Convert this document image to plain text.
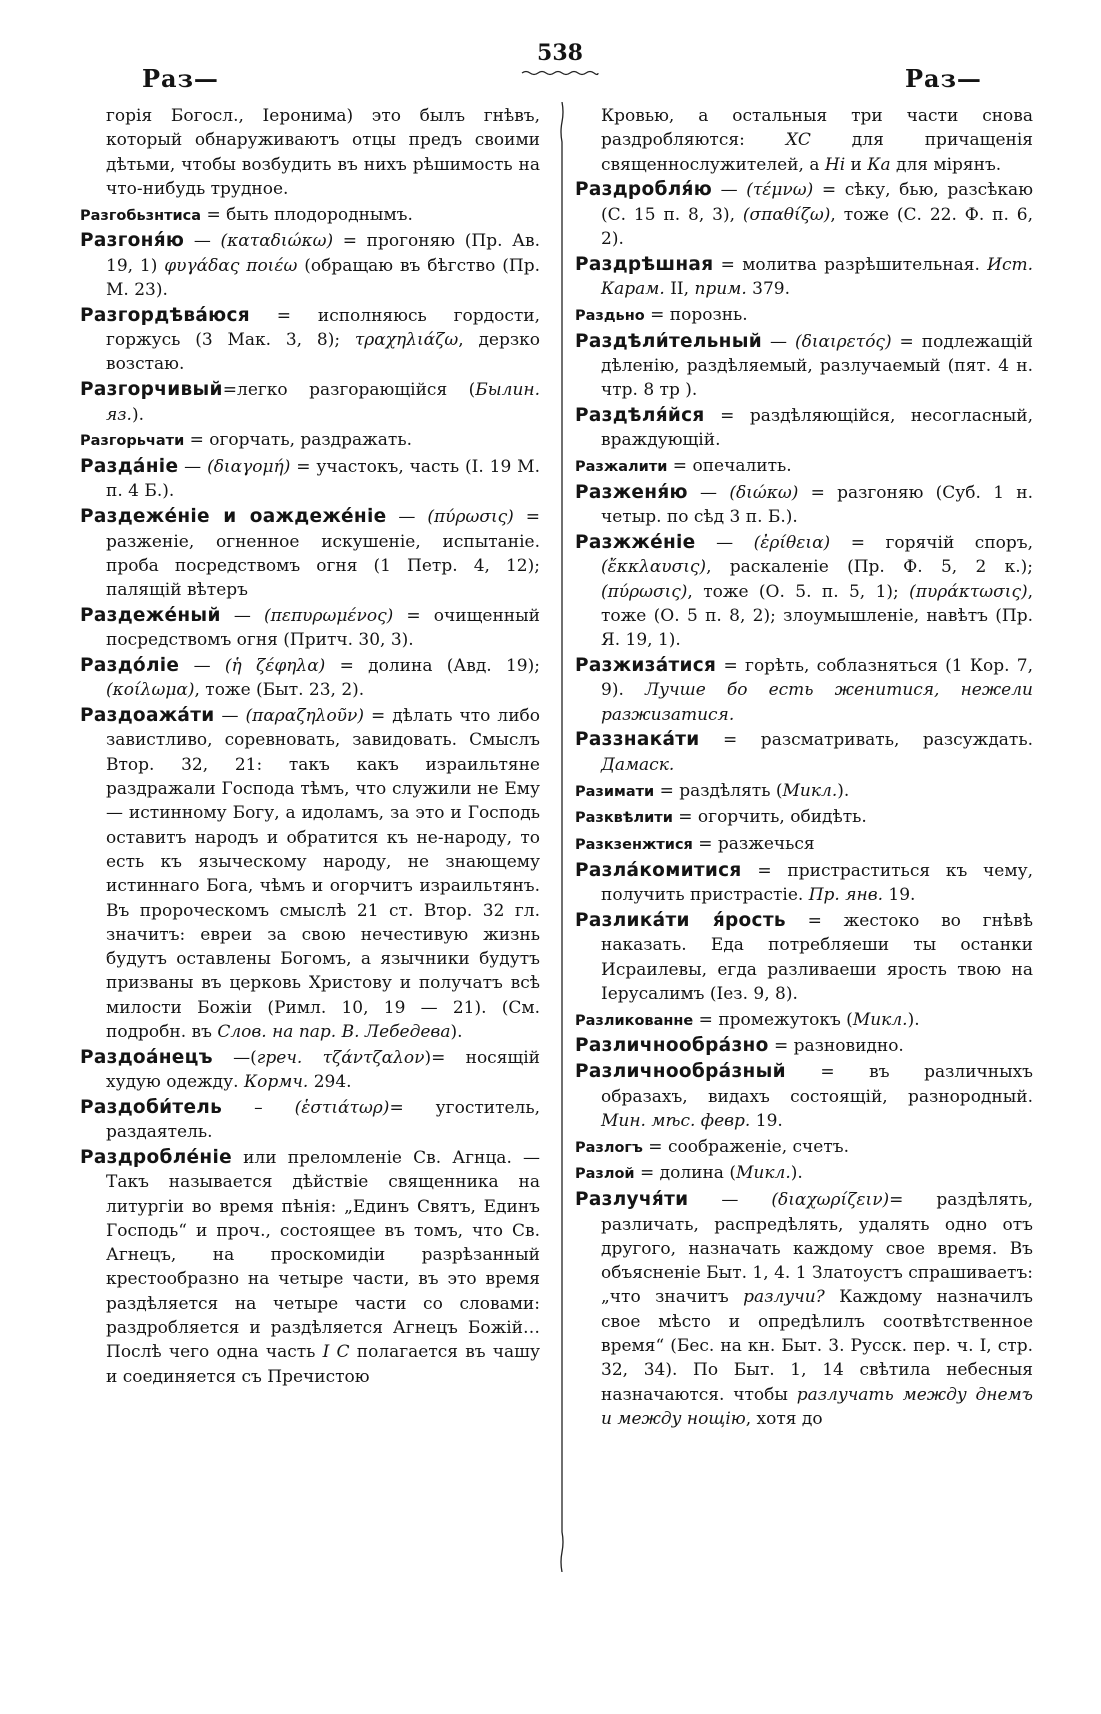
Раз—
538
Раз—

горія Богосл., Іеронима) это былъ гнѣвъ, который обнаруживаютъ отцы предъ своими дѣтьми, чтобы возбудить въ нихъ рѣшимость на что-нибудь трудное.

Разгобьзнтиса = быть плодороднымъ.

Разгоня́ю — (καταδιώκω) = прогоняю (Пр. Ав. 19, 1) φυγάδας ποιέω (обращаю въ бѣгство (Пр. М. 23).

Разгордѣва́юся = исполняюсь гордости, горжусь (3 Мак. 3, 8); τραχηλιάζω, дерзко возстаю.

Разгорчивый=легко разгорающійся (Былин. яз.).

Разгорьчати = огорчать, раздражать.

Разда́ніе — (διαγομή) = участокъ, часть (І. 19 М. п. 4 Б.).

Раздеже́ніе и оаждеже́ніе — (πύρωσις) = разженіе, огненное искушеніе, испытаніе. проба посредствомъ огня (1 Петр. 4, 12); палящій вѣтеръ

Раздеже́ный — (πεπυρωμένος) = очищенный посредствомъ огня (Притч. 30, 3).

Раздо́ліе — (ἡ ζέφηλα) = долина (Авд. 19); (κοίλωμα), тоже (Быт. 23, 2).

Раздоажа́ти — (παραζηλοῦν) = дѣлать что либо завистливо, соревновать, завидовать. Смыслъ Втор. 32, 21: такъ какъ израильтяне раздражали Господа тѣмъ, что служили не Ему — истинному Богу, а идоламъ, за это и Господь оставитъ народъ и обратится къ не-народу, то есть къ языческому народу, не знающему истиннаго Бога, чѣмъ и огорчитъ израильтянъ. Въ пророческомъ смыслѣ 21 ст. Втор. 32 гл. значитъ: евреи за свою нечестивую жизнь будутъ оставлены Богомъ, а язычники будутъ призваны въ церковь Христову и получатъ всѣ милости Божіи (Римл. 10, 19 — 21). (См. подробн. въ Слов. на пар. В. Лебедева).

Раздоа́нецъ —(греч. τζάντζαλον)= носящій худую одежду. Кормч. 294.

Раздоби́тель – (ἑστιάτωρ)= угоститель, раздаятель.

Раздробле́ніе или преломленіе Св. Агнца. — Такъ называется дѣйствіе священника на литургіи во время пѣнія: „Единъ Святъ, Единъ Господь“ и проч., состоящее въ томъ, что Св. Агнецъ, на проскомидіи разрѣзанный крестообразно на четыре части, въ это время раздѣляется на четыре части со словами: раздробляется и раздѣляется Агнецъ Божій… Послѣ чего одна часть І С полагается въ чашу и соединяется съ Пречистою

Кровью, а остальныя три части снова раздробляются: ХС для причащенія священнослужителей, а Ні и Ка для мірянъ.

Раздробля́ю — (τέμνω) = сѣку, бью, разсѣкаю (С. 15 п. 8, 3), (σπαθίζω), тоже (С. 22. Ф. п. 6, 2).

Раздрѣшная = молитва разрѣшительная. Ист. Карам. II, прим. 379.

Раздьно = порознь.

Раздѣли́тельный — (διαιρετός) = подлежащій дѣленію, раздѣляемый, разлучаемый (пят. 4 н. чтр. 8 тр ).

Раздѣля́йся = раздѣляющійся, несогласный, враждующій.

Разжалити = опечалить.

Разженя́ю — (διώκω) = разгоняю (Суб. 1 н. четыр. по сѣд 3 п. Б.).

Разжже́ніе — (ἐρίθεια) = горячій споръ, (ἔκκλαυσις), раскаленіе (Пр. Ф. 5, 2 к.); (πύρωσις), тоже (О. 5. п. 5, 1); (πυράκτωσις), тоже (О. 5 п. 8, 2); злоумышленіе, навѣтъ (Пр. Я. 19, 1).

Разжиза́тися = горѣть, соблазняться (1 Кор. 7, 9). Лучше бо есть женитися, нежели разжизатися.

Раззнака́ти = разсматривать, разсуждать. Дамаск.

Разимати = раздѣлять (Микл.).

Разквѣлити = огорчить, обидѣть.

Разкзенжтися = разжечься

Разла́комитися = пристраститься къ чему, получить пристрастіе. Пр. янв. 19.

Разлика́ти я́рость = жестоко во гнѣвѣ наказать. Еда потребляеши ты останки Исраилевы, егда разливаеши ярость твою на Іерусалимъ (Іез. 9, 8).

Разликованне = промежутокъ (Микл.).

Различнообра́зно = разновидно.

Различнообра́зный = въ различныхъ образахъ, видахъ состоящій, разнородный. Мин. мѣс. февр. 19.

Разлогъ = соображеніе, счетъ.

Разлой = долина (Микл.).

Разлучя́ти — (διαχωρίζειν)= раздѣлять, различать, распредѣлять, удалять одно отъ другого, назначать каждому свое время. Въ объясненіе Быт. 1, 4. 1 Златоустъ спрашиваетъ: „что значитъ разлучи? Каждому назначилъ свое мѣсто и опредѣлилъ соотвѣтственное время“ (Бес. на кн. Быт. 3. Русск. пер. ч. I, стр. 32, 34). По Быт. 1, 14 свѣтила небесныя назначаются. чтобы разлучать между днемъ и между нощію, хотя до
